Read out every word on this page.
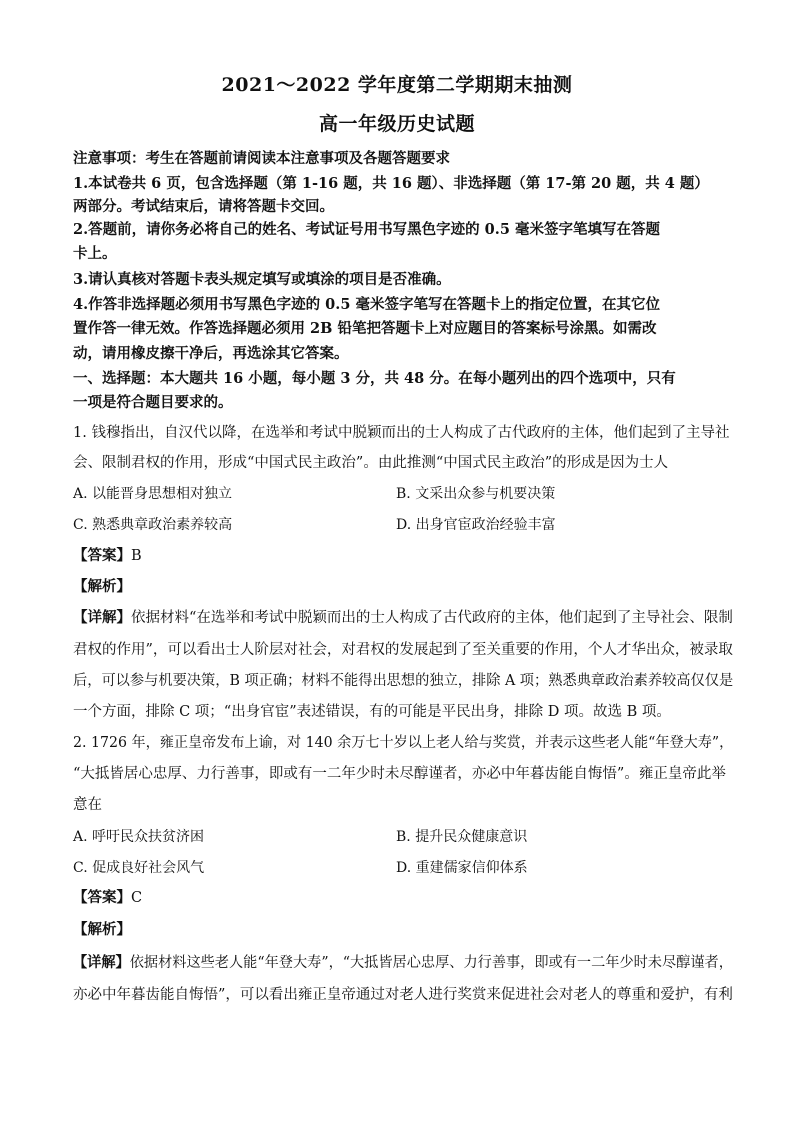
2021～2022 学年度第二学期期末抽测
高一年级历史试题
注意事项：考生在答题前请阅读本注意事项及各题答题要求
1.本试卷共 6 页，包含选择题（第 1-16 题，共 16 题）、非选择题（第 17-第 20 题，共 4 题）
两部分。考试结束后，请将答题卡交回。
2.答题前，请你务必将自己的姓名、考试证号用书写黑色字迹的 0.5 毫米签字笔填写在答题
卡上。
3.请认真核对答题卡表头规定填写或填涂的项目是否准确。
4.作答非选择题必须用书写黑色字迹的 0.5 毫米签字笔写在答题卡上的指定位置，在其它位
置作答一律无效。作答选择题必须用 2B 铅笔把答题卡上对应题目的答案标号涂黑。如需改
动，请用橡皮擦干净后，再选涂其它答案。
一、选择题：本大题共 16 小题，每小题 3 分，共 48 分。在每小题列出的四个选项中，只有
一项是符合题目要求的。
1. 钱穆指出，自汉代以降，在选举和考试中脱颖而出的士人构成了古代政府的主体，他们起到了主导社
会、限制君权的作用，形成“中国式民主政治”。由此推测“中国式民主政治”的形成是因为士人
A. 以能晋身思想相对独立	B. 文采出众参与机要决策
C. 熟悉典章政治素养较高	D. 出身官宦政治经验丰富
【答案】B
【解析】
【详解】依据材料“在选举和考试中脱颖而出的士人构成了古代政府的主体，他们起到了主导社会、限制
君权的作用”，可以看出士人阶层对社会，对君权的发展起到了至关重要的作用，个人才华出众，被录取
后，可以参与机要决策，B 项正确；材料不能得出思想的独立，排除 A 项；熟悉典章政治素养较高仅仅是
一个方面，排除 C 项；“出身官宦”表述错误，有的可能是平民出身，排除 D 项。故选 B 项。
2. 1726 年，雍正皇帝发布上谕，对 140 余万七十岁以上老人给与奖赏，并表示这些老人能“年登大寿”，
“大抵皆居心忠厚、力行善事，即或有一二年少时未尽醇谨者，亦必中年暮齿能自悔悟”。雍正皇帝此举
意在
A. 呼吁民众扶贫济困	B. 提升民众健康意识
C. 促成良好社会风气	D. 重建儒家信仰体系
【答案】C
【解析】
【详解】依据材料这些老人能“年登大寿”，“大抵皆居心忠厚、力行善事，即或有一二年少时未尽醇谨者，
亦必中年暮齿能自悔悟”，可以看出雍正皇帝通过对老人进行奖赏来促进社会对老人的尊重和爱护，有利
